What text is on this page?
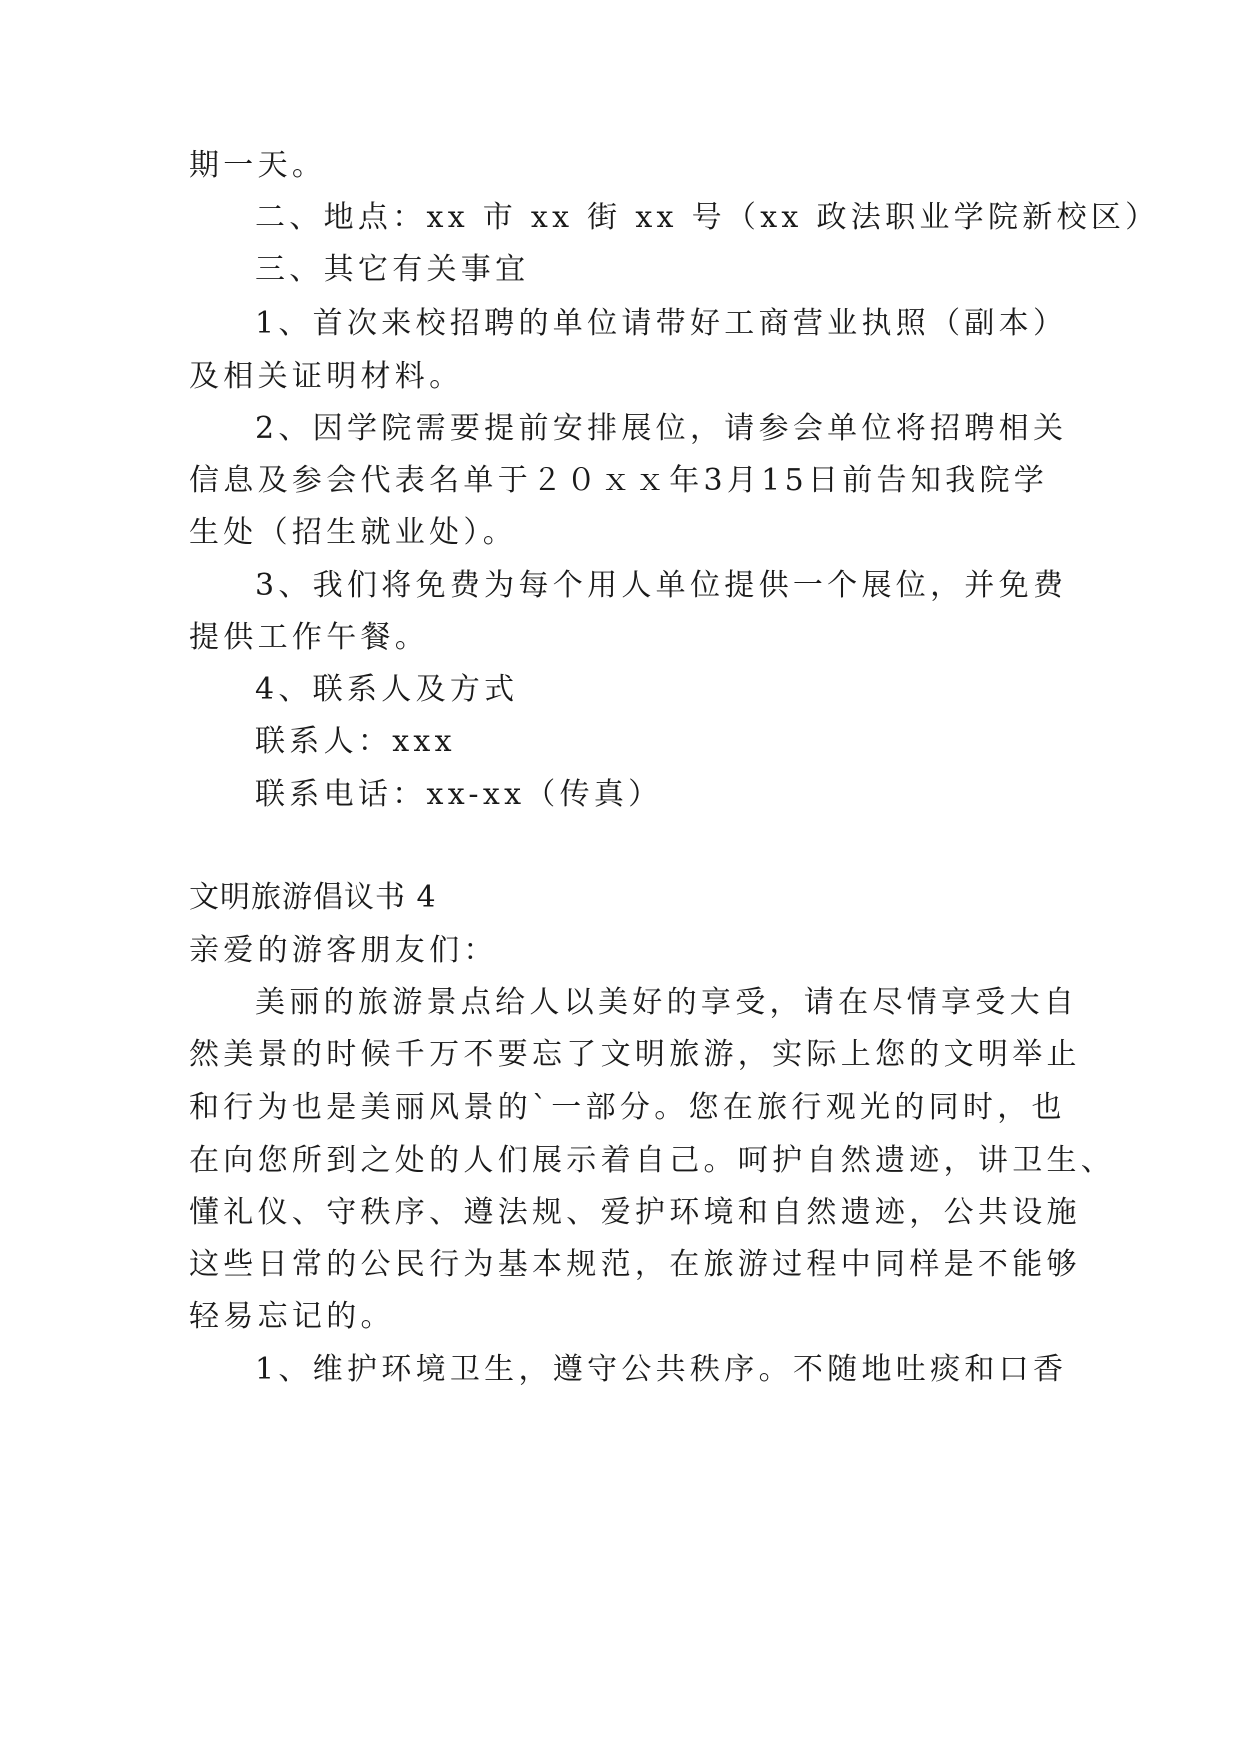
期一天。
二、地点：xx 市 xx 街 xx 号（xx 政法职业学院新校区）
三、其它有关事宜
1、首次来校招聘的单位请带好工商营业执照（副本）
及相关证明材料。
2、因学院需要提前安排展位，请参会单位将招聘相关
信息及参会代表名单于２０ｘｘ年3月15日前告知我院学
生处（招生就业处）。
3、我们将免费为每个用人单位提供一个展位，并免费
提供工作午餐。
4、联系人及方式
联系人：xxx
联系电话：xx-xx（传真）
文明旅游倡议书 4
亲爱的游客朋友们：
美丽的旅游景点给人以美好的享受，请在尽情享受大自
然美景的时候千万不要忘了文明旅游，实际上您的文明举止
和行为也是美丽风景的`一部分。您在旅行观光的同时，也
在向您所到之处的人们展示着自己。呵护自然遗迹，讲卫生、
懂礼仪、守秩序、遵法规、爱护环境和自然遗迹，公共设施
这些日常的公民行为基本规范，在旅游过程中同样是不能够
轻易忘记的。
1、维护环境卫生，遵守公共秩序。不随地吐痰和口香
